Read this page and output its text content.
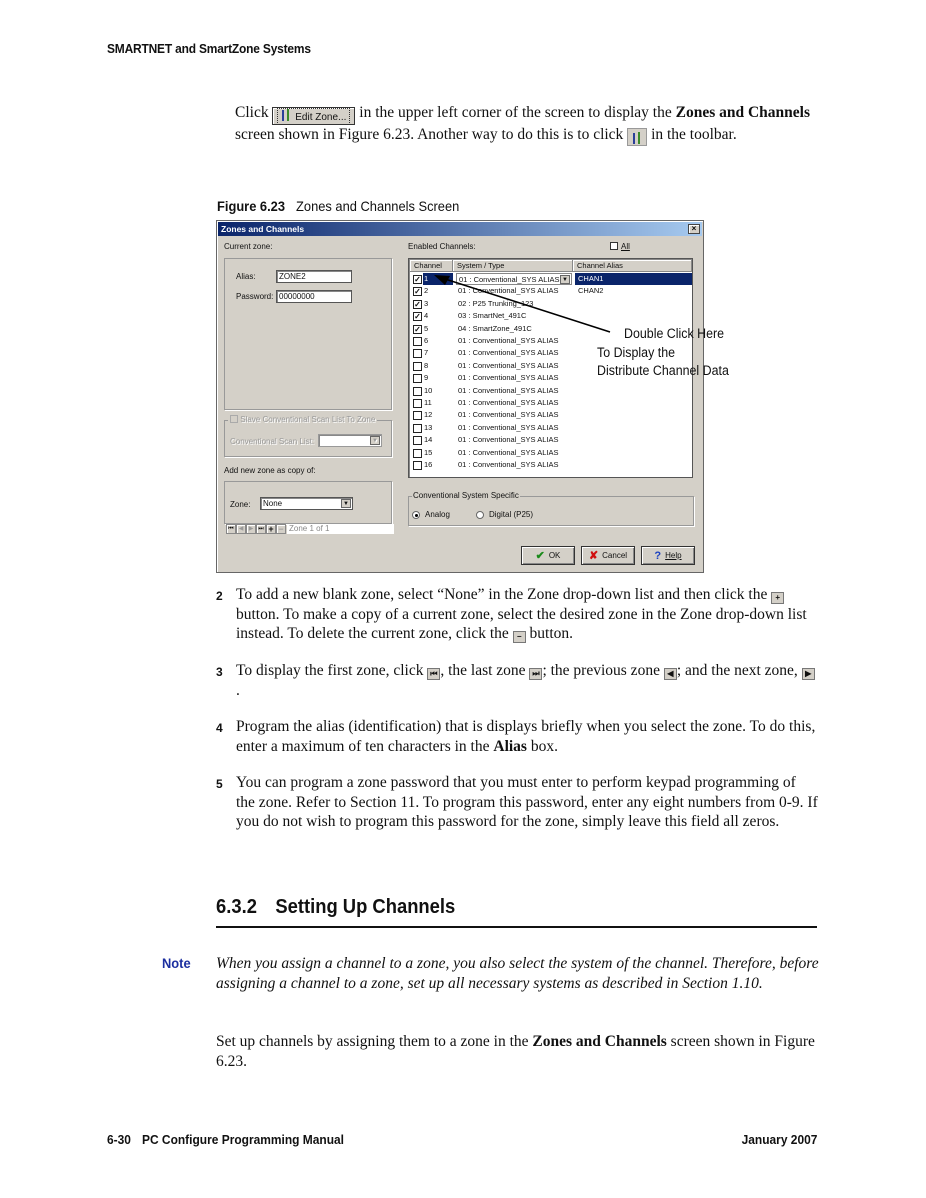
SMARTNET and SmartZone Systems
Click	Edit Zone... in the upper left corner of the screen to display the Zones and Channels screen shown in Figure 6.23. Another way to do this is to click  in the toolbar.
Figure 6.23 Zones and Channels Screen
Zones and Channels	×
Current zone:
Alias:	ZONE2
Password: 00000000
Slave Conventional Scan List To Zone
Conventional Scan List:	▼
Add new zone as copy of:
Zone:	None	▼
⏮ ◀ ▶ ⏭ + − Zone 1 of 1
Enabled Channels:	All
Channel	System / Type	Channel Alias
✓ 1	01 : Conventional_SYS ALIAS ▼	CHAN1
✓ 2	01 : Conventional_SYS ALIAS	CHAN2
✓ 3	02 : P25 Trunking_123
✓ 4	03 : SmartNet_491C
✓ 5	04 : SmartZone_491C
6	01 : Conventional_SYS ALIAS
7	01 : Conventional_SYS ALIAS
8	01 : Conventional_SYS ALIAS
9	01 : Conventional_SYS ALIAS
10	01 : Conventional_SYS ALIAS
11	01 : Conventional_SYS ALIAS
12	01 : Conventional_SYS ALIAS
13	01 : Conventional_SYS ALIAS
14	01 : Conventional_SYS ALIAS
15	01 : Conventional_SYS ALIAS
16	01 : Conventional_SYS ALIAS
Conventional System Specific
Analog	Digital (P25)
✔ OK	✘ Cancel	? Help
Double Click Here
To Display the
Distribute Channel Data
2 To add a new blank zone, select “None” in the Zone drop-down list and then click the + button. To make a copy of a current zone, select the desired zone in the Zone drop-down list instead. To delete the current zone, click the − button.
3 To display the first zone, click ⏮ , the last zone ⏭ ; the previous zone ◀ ; and the next zone, ▶.
4 Program the alias (identification) that is displays briefly when you select the zone. To do this, enter a maximum of ten characters in the Alias box.
5 You can program a zone password that you must enter to perform keypad programming of the zone. Refer to Section 11. To program this password, enter any eight numbers from 0-9. If you do not wish to program this password for the zone, simply leave this field all zeros.
6.3.2 Setting Up Channels
Note When you assign a channel to a zone, you also select the system of the channel. Therefore, before assigning a channel to a zone, set up all necessary systems as described in Section 1.10.
Set up channels by assigning them to a zone in the Zones and Channels screen shown in Figure 6.23.
6-30 PC Configure Programming Manual	January 2007
